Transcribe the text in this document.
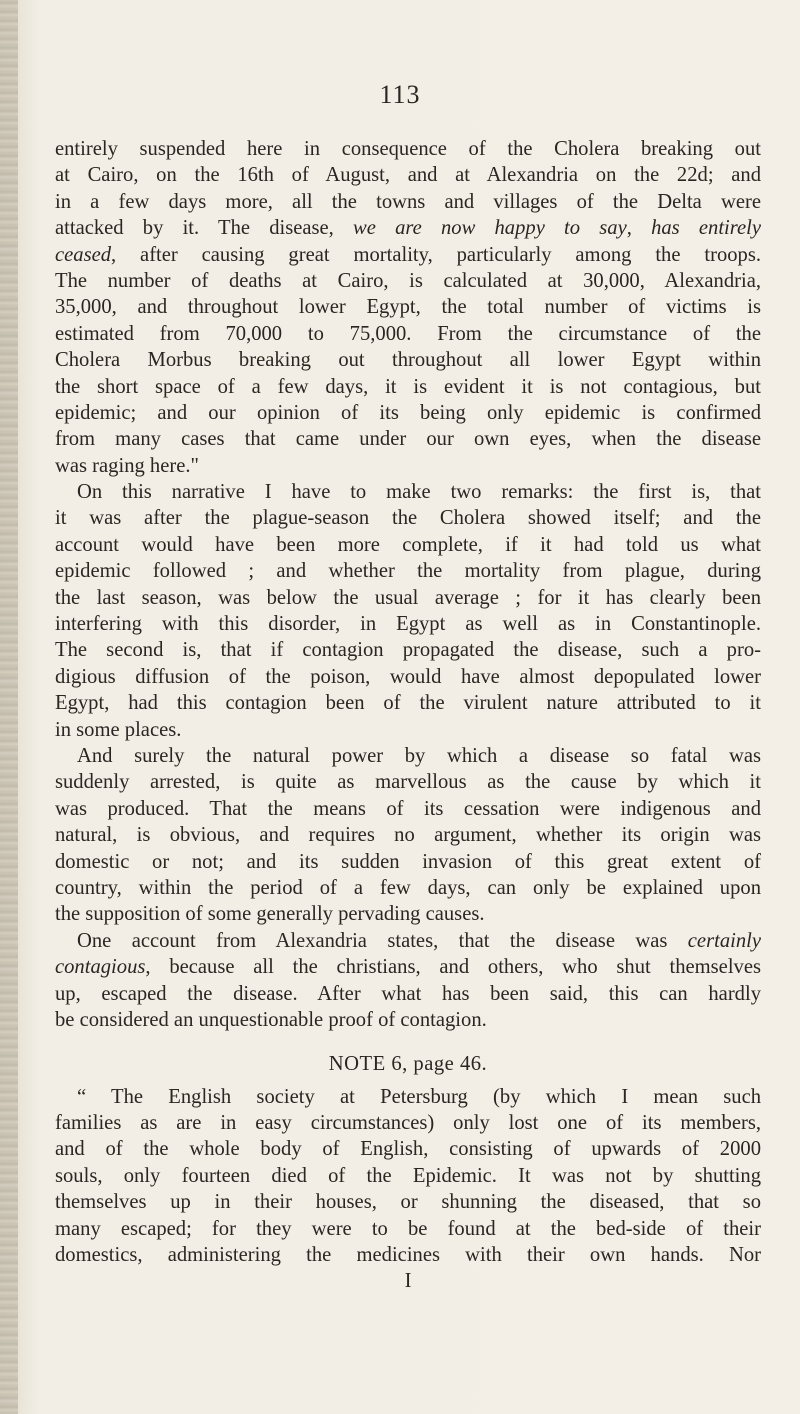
113
entirely suspended here in consequence of the Cholera breaking out
at Cairo, on the 16th of August, and at Alexandria on the 22d; and
in a few days more, all the towns and villages of the Delta were
attacked by it. The disease, we are now happy to say, has entirely
ceased, after causing great mortality, particularly among the troops.
The number of deaths at Cairo, is calculated at 30,000, Alexandria,
35,000, and throughout lower Egypt, the total number of victims is
estimated from 70,000 to 75,000. From the circumstance of the
Cholera Morbus breaking out throughout all lower Egypt within
the short space of a few days, it is evident it is not contagious, but
epidemic; and our opinion of its being only epidemic is confirmed
from many cases that came under our own eyes, when the disease
was raging here."
On this narrative I have to make two remarks: the first is, that
it was after the plague-season the Cholera showed itself; and the
account would have been more complete, if it had told us what
epidemic followed ; and whether the mortality from plague, during
the last season, was below the usual average ; for it has clearly been
interfering with this disorder, in Egypt as well as in Constantinople.
The second is, that if contagion propagated the disease, such a pro-
digious diffusion of the poison, would have almost depopulated lower
Egypt, had this contagion been of the virulent nature attributed to it
in some places.
And surely the natural power by which a disease so fatal was
suddenly arrested, is quite as marvellous as the cause by which it
was produced. That the means of its cessation were indigenous and
natural, is obvious, and requires no argument, whether its origin was
domestic or not; and its sudden invasion of this great extent of
country, within the period of a few days, can only be explained upon
the supposition of some generally pervading causes.
One account from Alexandria states, that the disease was certainly
contagious, because all the christians, and others, who shut themselves
up, escaped the disease. After what has been said, this can hardly
be considered an unquestionable proof of contagion.
NOTE 6, page 46.
“ The English society at Petersburg (by which I mean such
families as are in easy circumstances) only lost one of its members,
and of the whole body of English, consisting of upwards of 2000
souls, only fourteen died of the Epidemic. It was not by shutting
themselves up in their houses, or shunning the diseased, that so
many escaped; for they were to be found at the bed-side of their
domestics, administering the medicines with their own hands. Nor
I
